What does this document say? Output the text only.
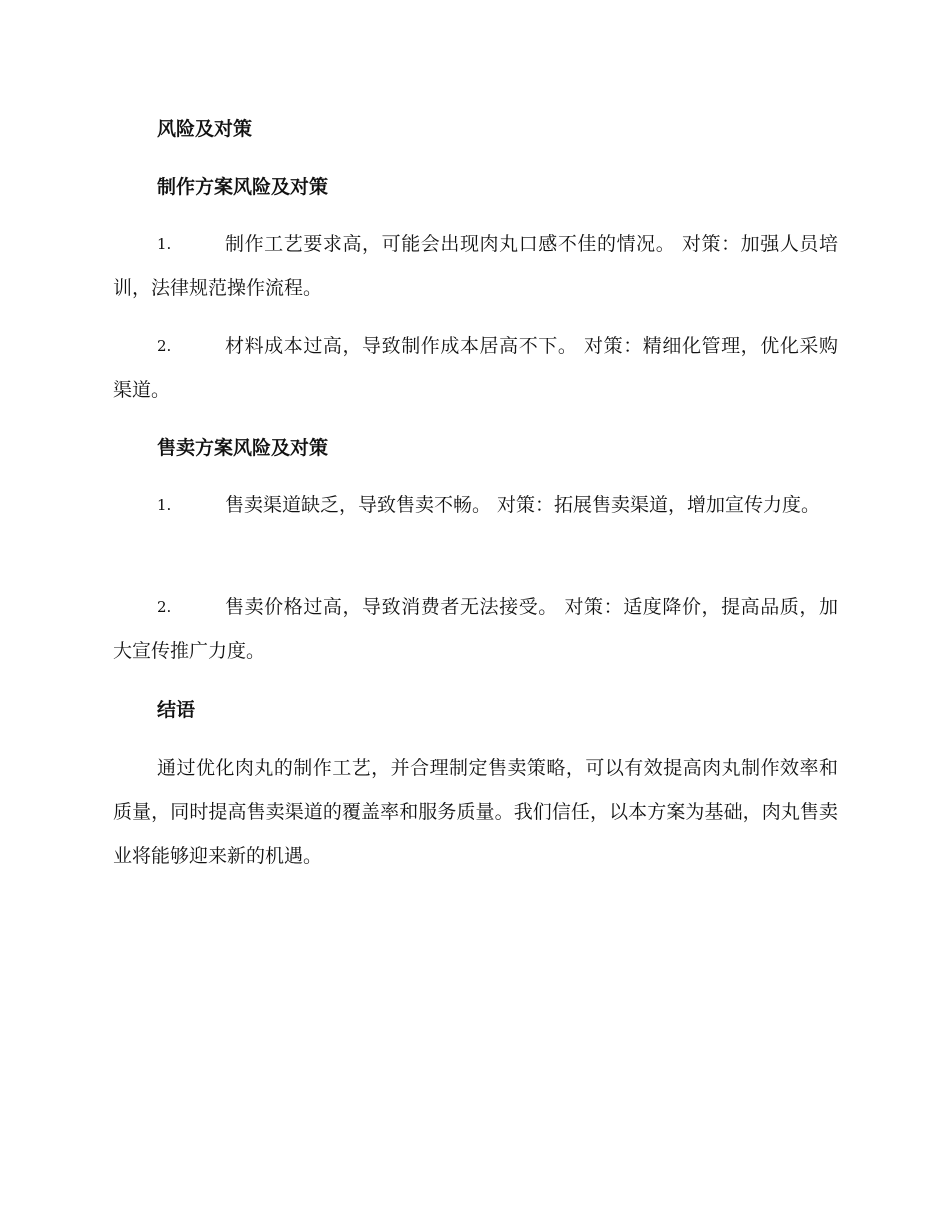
风险及对策
制作方案风险及对策
1.	制作工艺要求高，可能会出现肉丸口感不佳的情况。 对策：加强人员培训，法律规范操作流程。
2.	材料成本过高，导致制作成本居高不下。 对策：精细化管理，优化采购渠道。
售卖方案风险及对策
1.	售卖渠道缺乏，导致售卖不畅。 对策：拓展售卖渠道，增加宣传力度。
2.	售卖价格过高，导致消费者无法接受。 对策：适度降价，提高品质，加大宣传推广力度。
结语
通过优化肉丸的制作工艺，并合理制定售卖策略，可以有效提高肉丸制作效率和质量，同时提高售卖渠道的覆盖率和服务质量。我们信任，以本方案为基础，肉丸售卖业将能够迎来新的机遇。
